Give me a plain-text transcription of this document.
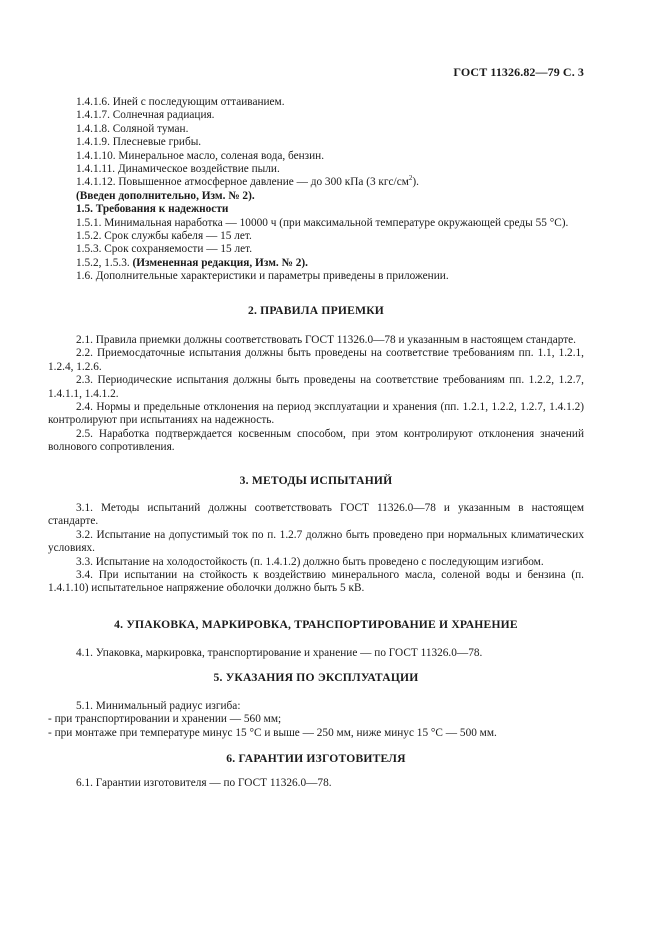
ГОСТ 11326.82—79 С. 3

1.4.1.6. Иней с последующим оттаиванием.

1.4.1.7. Солнечная радиация.

1.4.1.8. Соляной туман.

1.4.1.9. Плесневые грибы.

1.4.1.10. Минеральное масло, соленая вода, бензин.

1.4.1.11. Динамическое воздействие пыли.

1.4.1.12. Повышенное атмосферное давление — до 300 кПа (3 кгс/$см^2$).

(Введен дополнительно, Изм. № 2).

1.5. Требования к надежности

1.5.1. Минимальная наработка — 10000 ч (при максимальной температуре окружающей среды 55 °С).

1.5.2. Срок службы кабеля — 15 лет.

1.5.3. Срок сохраняемости — 15 лет.

1.5.2, 1.5.3. (Измененная редакция, Изм. № 2).

1.6. Дополнительные характеристики и параметры приведены в приложении.

2. ПРАВИЛА ПРИЕМКИ

2.1. Правила приемки должны соответствовать ГОСТ 11326.0—78 и указанным в настоящем стандарте.

2.2. Приемосдаточные испытания должны быть проведены на соответствие требованиям пп. 1.1, 1.2.1, 1.2.4, 1.2.6.

2.3. Периодические испытания должны быть проведены на соответствие требованиям пп. 1.2.2, 1.2.7, 1.4.1.1, 1.4.1.2.

2.4. Нормы и предельные отклонения на период эксплуатации и хранения (пп. 1.2.1, 1.2.2, 1.2.7, 1.4.1.2) контролируют при испытаниях на надежность.

2.5. Наработка подтверждается косвенным способом, при этом контролируют отклонения значений волнового сопротивления.

3. МЕТОДЫ ИСПЫТАНИЙ

3.1. Методы испытаний должны соответствовать ГОСТ 11326.0—78 и указанным в настоящем стандарте.

3.2. Испытание на допустимый ток по п. 1.2.7 должно быть проведено при нормальных климатических условиях.

3.3. Испытание на холодостойкость (п. 1.4.1.2) должно быть проведено с последующим изгибом.

3.4. При испытании на стойкость к воздействию минерального масла, соленой воды и бензина (п. 1.4.1.10) испытательное напряжение оболочки должно быть 5 кВ.

4. УПАКОВКА, МАРКИРОВКА, ТРАНСПОРТИРОВАНИЕ И ХРАНЕНИЕ

4.1. Упаковка, маркировка, транспортирование и хранение — по ГОСТ 11326.0—78.

5. УКАЗАНИЯ ПО ЭКСПЛУАТАЦИИ

5.1. Минимальный радиус изгиба:

- при транспортировании и хранении — 560 мм;

- при монтаже при температуре минус 15 °С и выше — 250 мм, ниже минус 15 °С — 500 мм.

6. ГАРАНТИИ ИЗГОТОВИТЕЛЯ

6.1. Гарантии изготовителя — по ГОСТ 11326.0—78.
